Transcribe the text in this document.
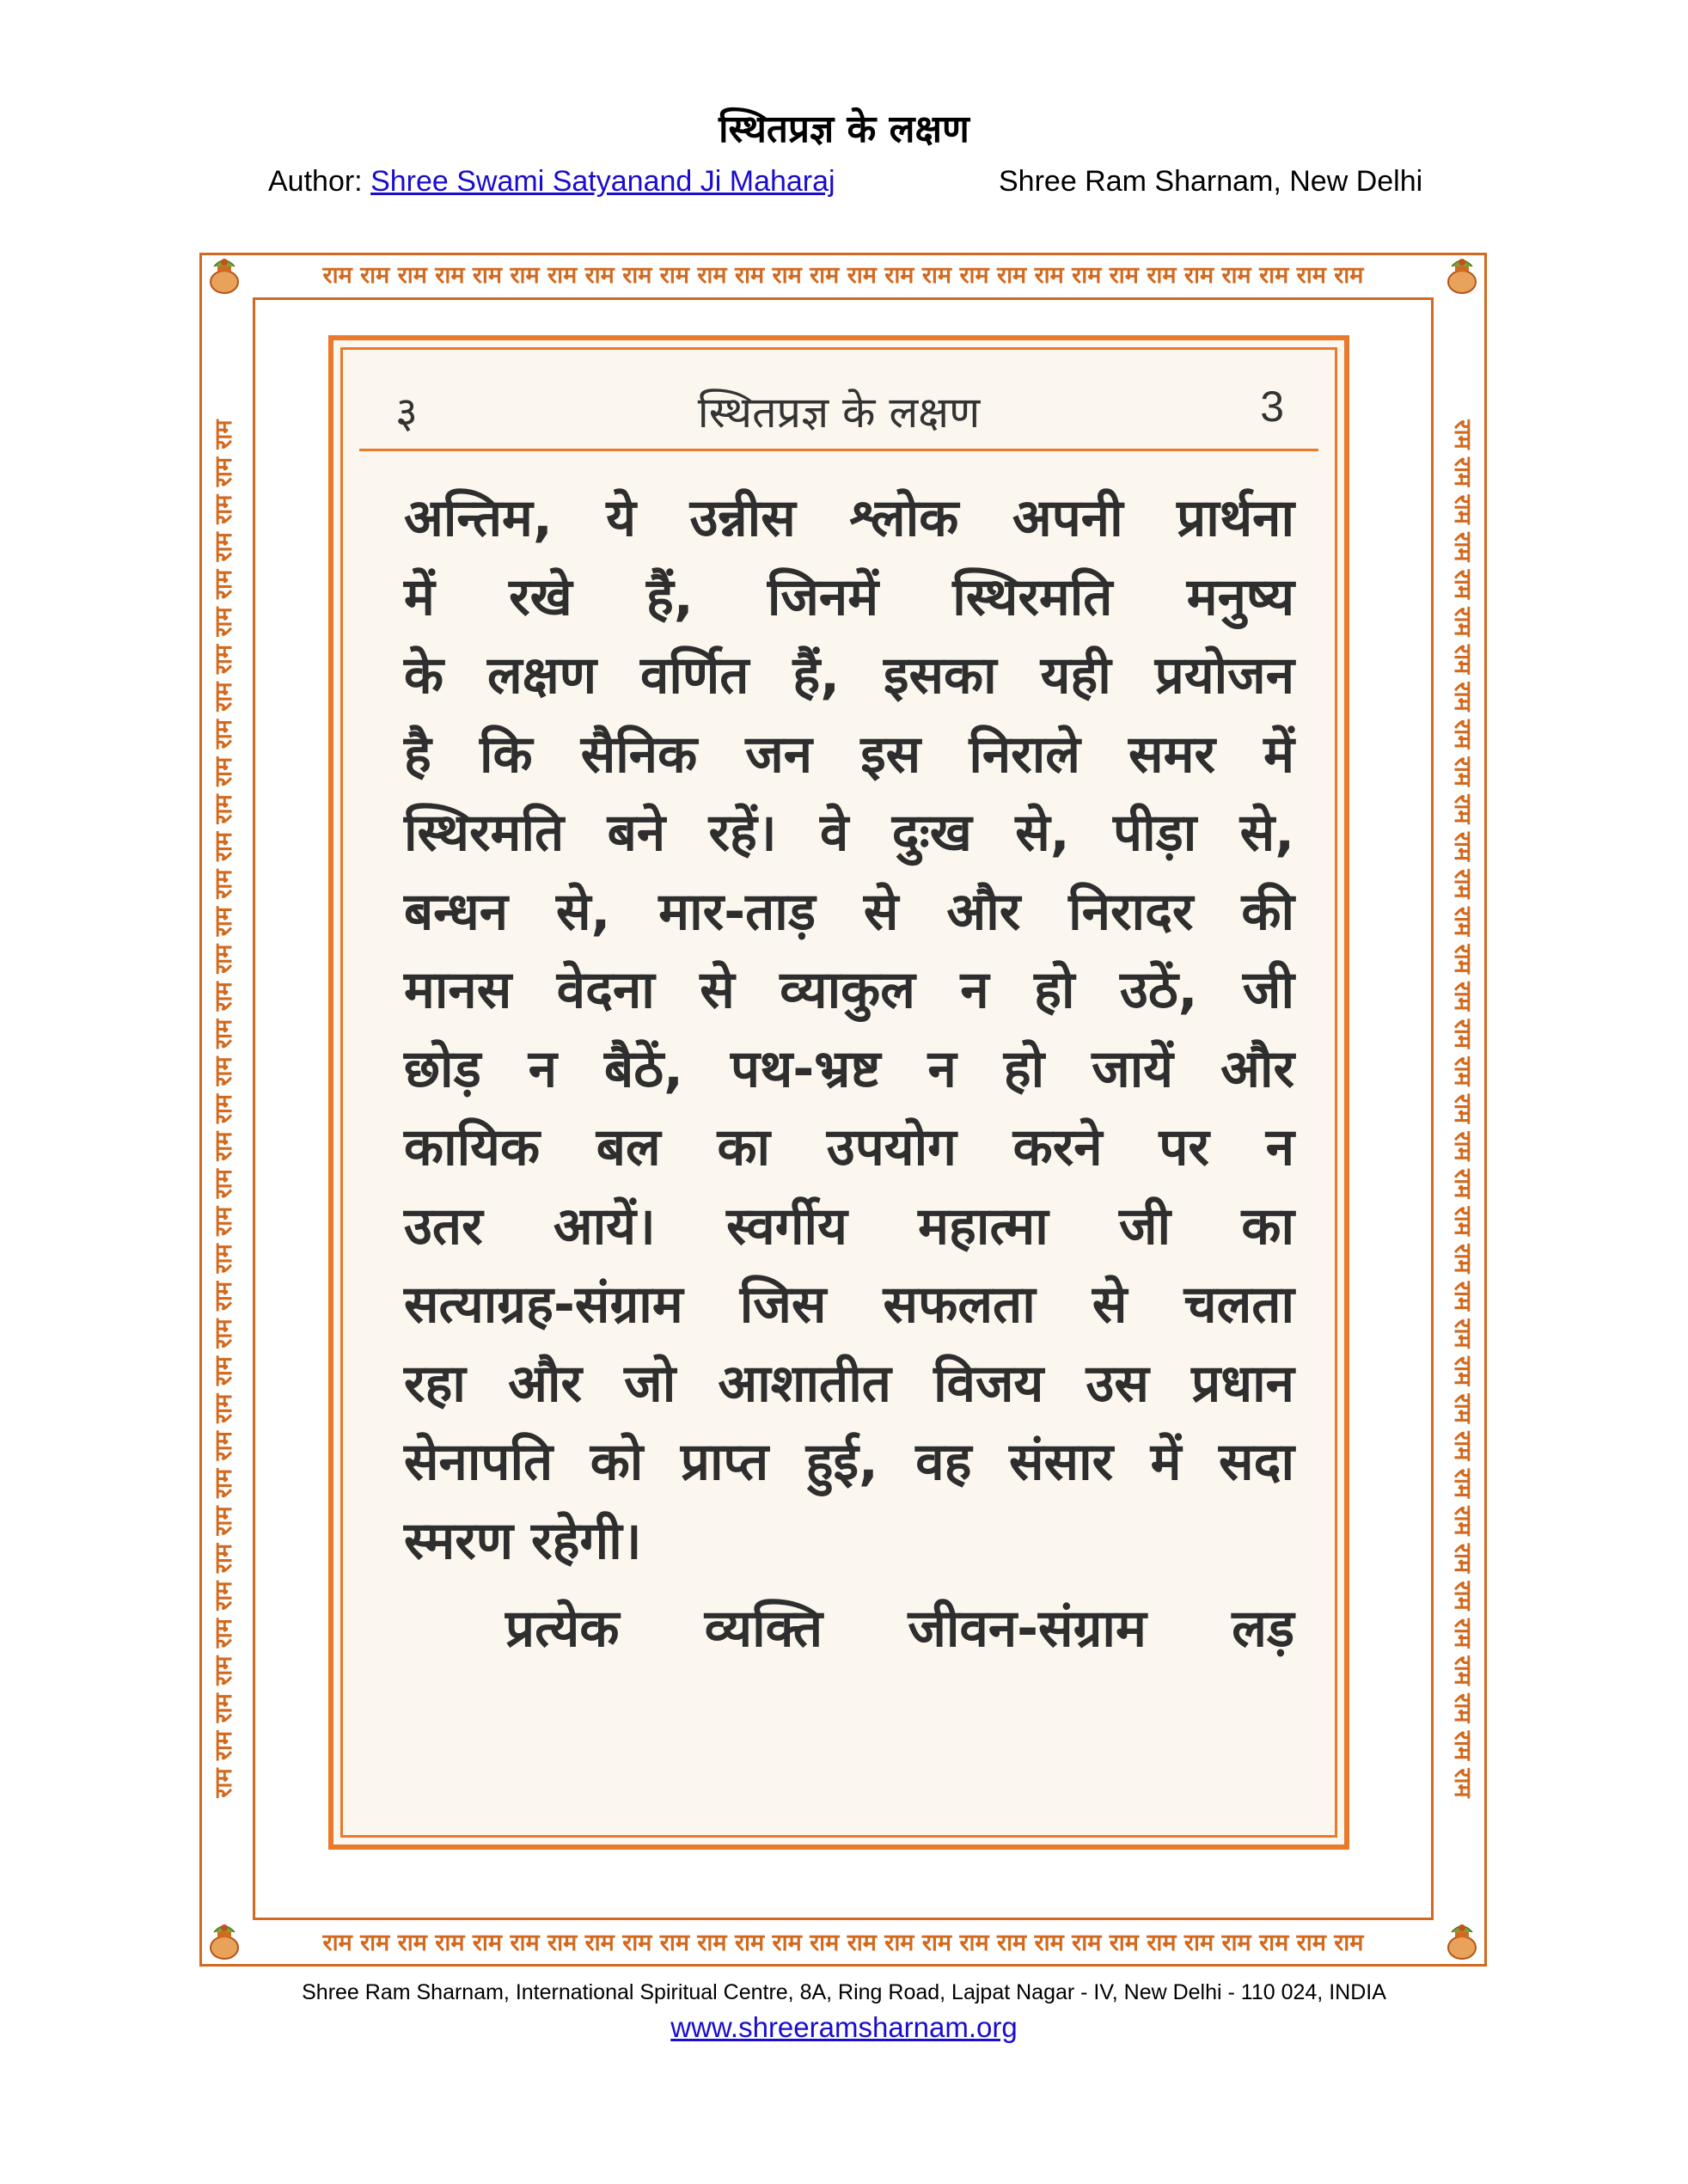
स्थितप्रज्ञ के लक्षण
Author: Shree Swami Satyanand Ji Maharaj	Shree Ram Sharnam, New Delhi
राम राम राम राम राम राम राम राम राम राम राम राम राम राम राम राम राम राम राम राम राम राम राम राम राम राम राम राम
राम राम राम राम राम राम राम राम राम राम राम राम राम राम राम राम राम राम राम राम राम राम राम राम राम राम राम राम
राम राम राम राम राम राम राम राम राम राम राम राम राम राम राम राम राम राम राम राम राम राम राम राम राम राम राम राम राम राम राम राम राम राम राम राम राम	राम राम राम राम राम राम राम राम राम राम राम राम राम राम राम राम राम राम राम राम राम राम राम राम राम राम राम राम राम राम राम राम राम राम राम राम राम
३	स्थितप्रज्ञ के लक्षण	3
अन्तिम, ये उन्नीस श्लोक अपनी प्रार्थना
में रखे हैं, जिनमें स्थिरमति मनुष्य
के लक्षण वर्णित हैं, इसका यही प्रयोजन
है कि सैनिक जन इस निराले समर में
स्थिरमति बने रहें। वे दुःख से, पीड़ा से,
बन्धन से, मार-ताड़ से और निरादर की
मानस वेदना से व्याकुल न हो उठें, जी
छोड़ न बैठें, पथ-भ्रष्ट न हो जायें और
कायिक बल का उपयोग करने पर न
उतर आयें। स्वर्गीय महात्मा जी का
सत्याग्रह-संग्राम जिस सफलता से चलता
रहा और जो आशातीत विजय उस प्रधान
सेनापति को प्राप्त हुई, वह संसार में सदा
स्मरण रहेगी।
प्रत्येक व्यक्ति जीवन-संग्राम लड़
Shree Ram Sharnam, International Spiritual Centre, 8A, Ring Road, Lajpat Nagar - IV, New Delhi - 110 024, INDIA
www.shreeramsharnam.org
